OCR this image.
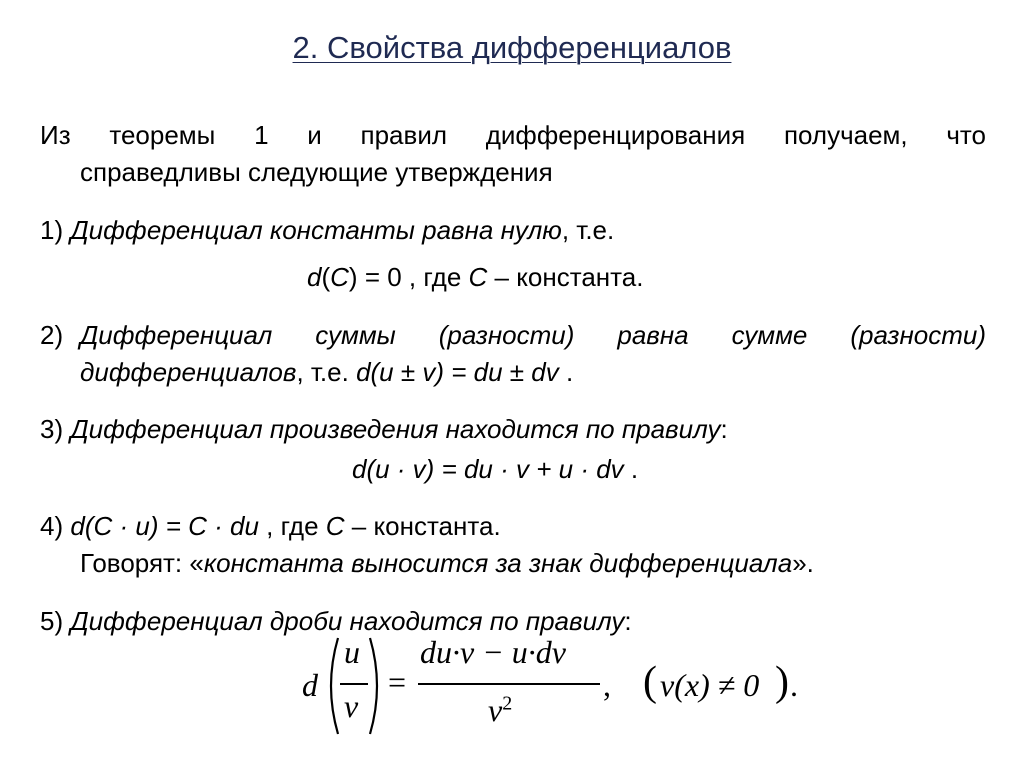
2. Свойства дифференциалов
Из теоремы 1 и правил дифференцирования получаем, что
справедливы следующие утверждения
1) Дифференциал константы равна нулю, т.е.
d(C) = 0 , где C – константа.
2) Дифференциал суммы (разности) равна сумме (разности)
дифференциалов, т.е. d(u ± v) = du ± dv .
3) Дифференциал произведения находится по правилу:
d(u · v) = du · v + u · dv .
4) d(C · u) = C · du , где C – константа.
Говорят: «константа выносится за знак дифференциала».
5) Дифференциал дроби находится по правилу:
d
u
v
=
du·v − u·dv
$v^2$
, ( v(x) ≠ 0 ) .
